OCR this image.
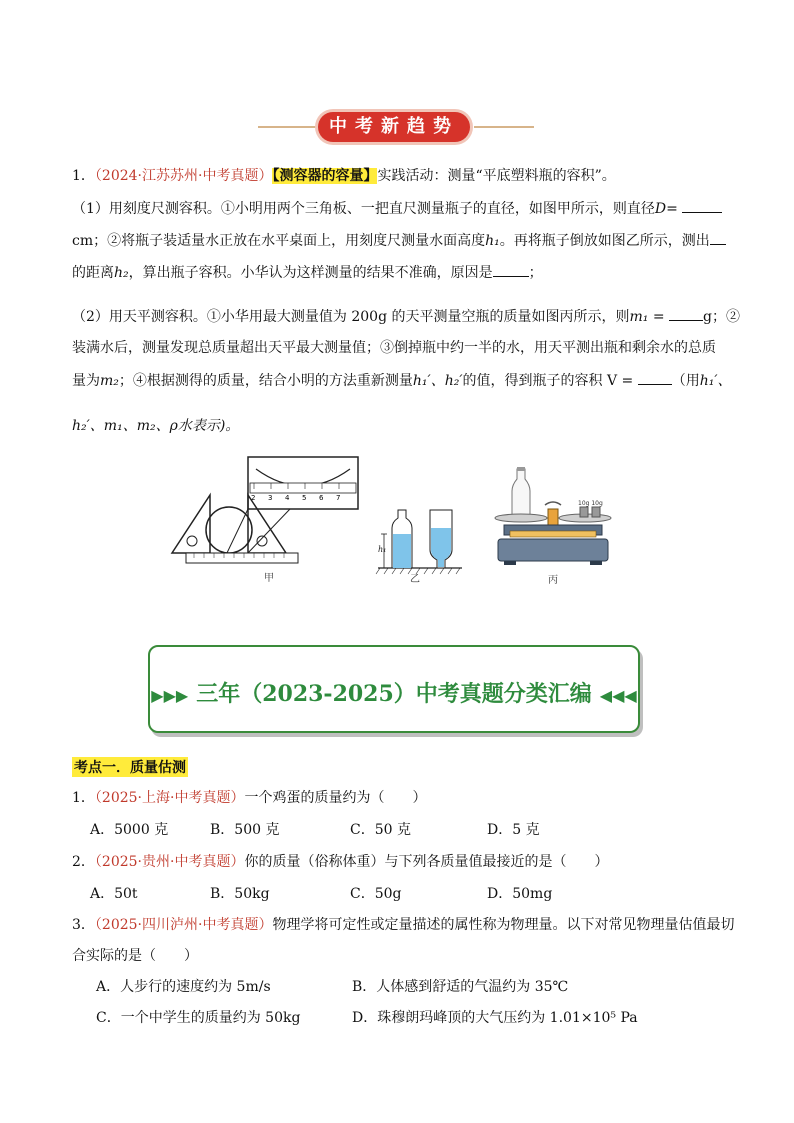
中考新趋势
1．（2024·江苏苏州·中考真题）【测容器的容量】实践活动：测量“平底塑料瓶的容积”。
（1）用刻度尺测容积。①小明用两个三角板、一把直尺测量瓶子的直径，如图甲所示，则直径D=
cm；②将瓶子装适量水正放在水平桌面上，用刻度尺测量水面高度h₁。再将瓶子倒放如图乙所示，测出
的距离h₂，算出瓶子容积。小华认为这样测量的结果不准确，原因是	；
（2）用天平测容积。①小华用最大测量值为 200g 的天平测量空瓶的质量如图丙所示，则m₁ =	g；②
装满水后，测量发现总质量超出天平最大测量值；③倒掉瓶中约一半的水，用天平测出瓶和剩余水的总质
量为m₂；④根据测得的质量，结合小明的方法重新测量h₁′、h₂′的值，得到瓶子的容积 V =	（用h₁′、
h₂′、m₁、m₂、ρ水表示)。
2 3 4 5 6 7
甲
h₁
乙
10g 10g
丙
▶▶▶ 三年（2023-2025）中考真题分类汇编 ◀◀◀
考点一．质量估测
1．（2025·上海·中考真题）一个鸡蛋的质量约为（　　）
A．5000 克	B．500 克	C．50 克	D．5 克
2．（2025·贵州·中考真题）你的质量（俗称体重）与下列各质量值最接近的是（　　）
A．50t	B．50kg	C．50g	D．50mg
3．（2025·四川泸州·中考真题）物理学将可定性或定量描述的属性称为物理量。以下对常见物理量估值最切
合实际的是（　　）
A．人步行的速度约为 5m/s	B．人体感到舒适的气温约为 35℃
C．一个中学生的质量约为 50kg	D．珠穆朗玛峰顶的大气压约为 1.01×10⁵ Pa
